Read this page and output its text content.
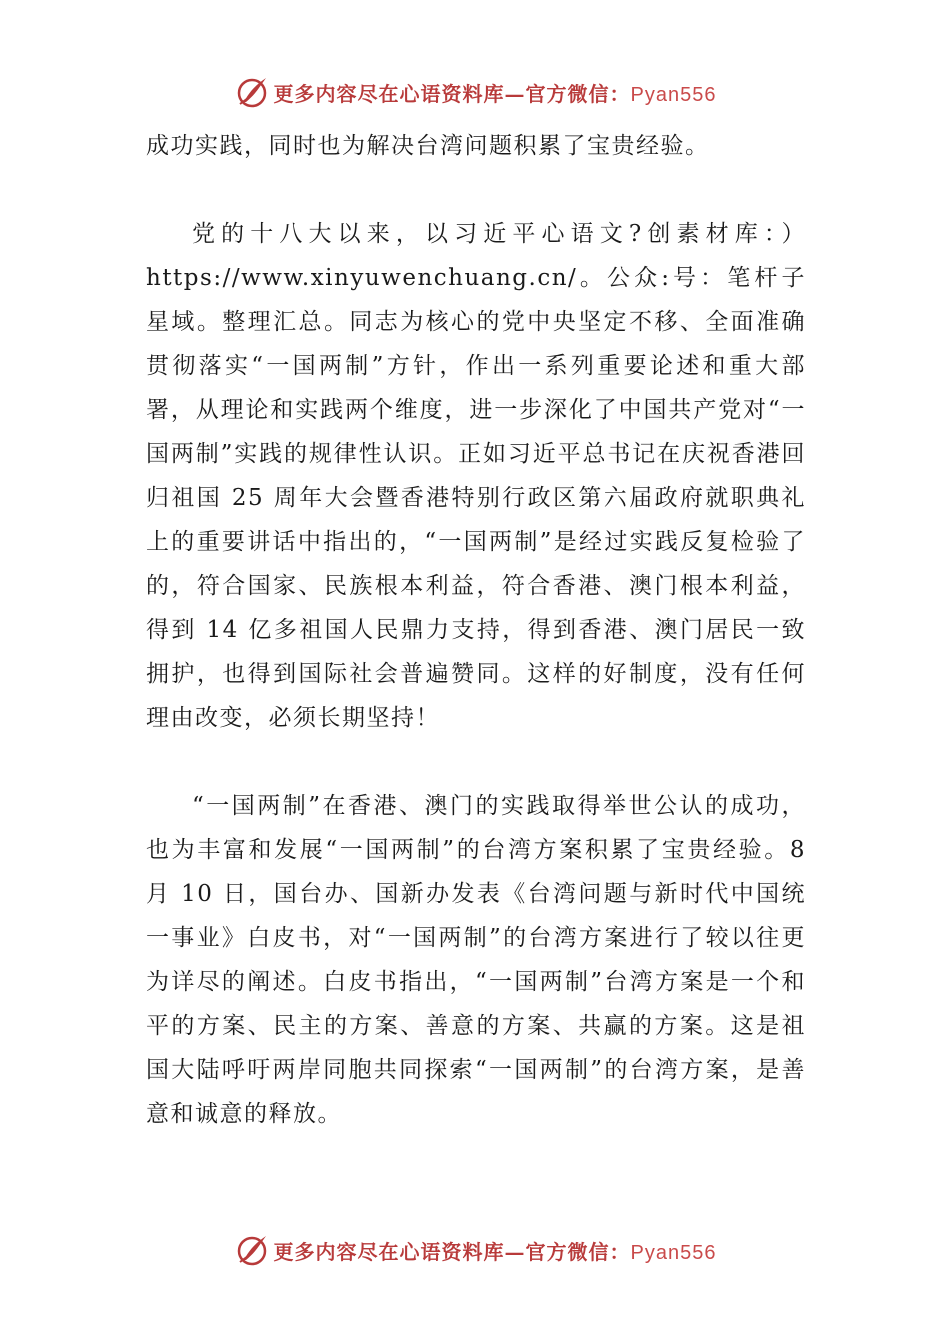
更多内容尽在心语资料库—官方微信：Pyan556

成功实践，同时也为解决台湾问题积累了宝贵经验。

党的十八大以来，以习近平心语文?创素材库：）https://www.xinyuwenchuang.cn/。公众:号：笔杆子星域。整理汇总。同志为核心的党中央坚定不移、全面准确贯彻落实“一国两制”方针，作出一系列重要论述和重大部署，从理论和实践两个维度，进一步深化了中国共产党对“一国两制”实践的规律性认识。正如习近平总书记在庆祝香港回归祖国 25 周年大会暨香港特别行政区第六届政府就职典礼上的重要讲话中指出的，“一国两制”是经过实践反复检验了的，符合国家、民族根本利益，符合香港、澳门根本利益，得到 14 亿多祖国人民鼎力支持，得到香港、澳门居民一致拥护，也得到国际社会普遍赞同。这样的好制度，没有任何理由改变，必须长期坚持！

“一国两制”在香港、澳门的实践取得举世公认的成功，也为丰富和发展“一国两制”的台湾方案积累了宝贵经验。8 月 10 日，国台办、国新办发表《台湾问题与新时代中国统一事业》白皮书，对“一国两制”的台湾方案进行了较以往更为详尽的阐述。白皮书指出，“一国两制”台湾方案是一个和平的方案、民主的方案、善意的方案、共赢的方案。这是祖国大陆呼吁两岸同胞共同探索“一国两制”的台湾方案，是善意和诚意的释放。

更多内容尽在心语资料库—官方微信：Pyan556
